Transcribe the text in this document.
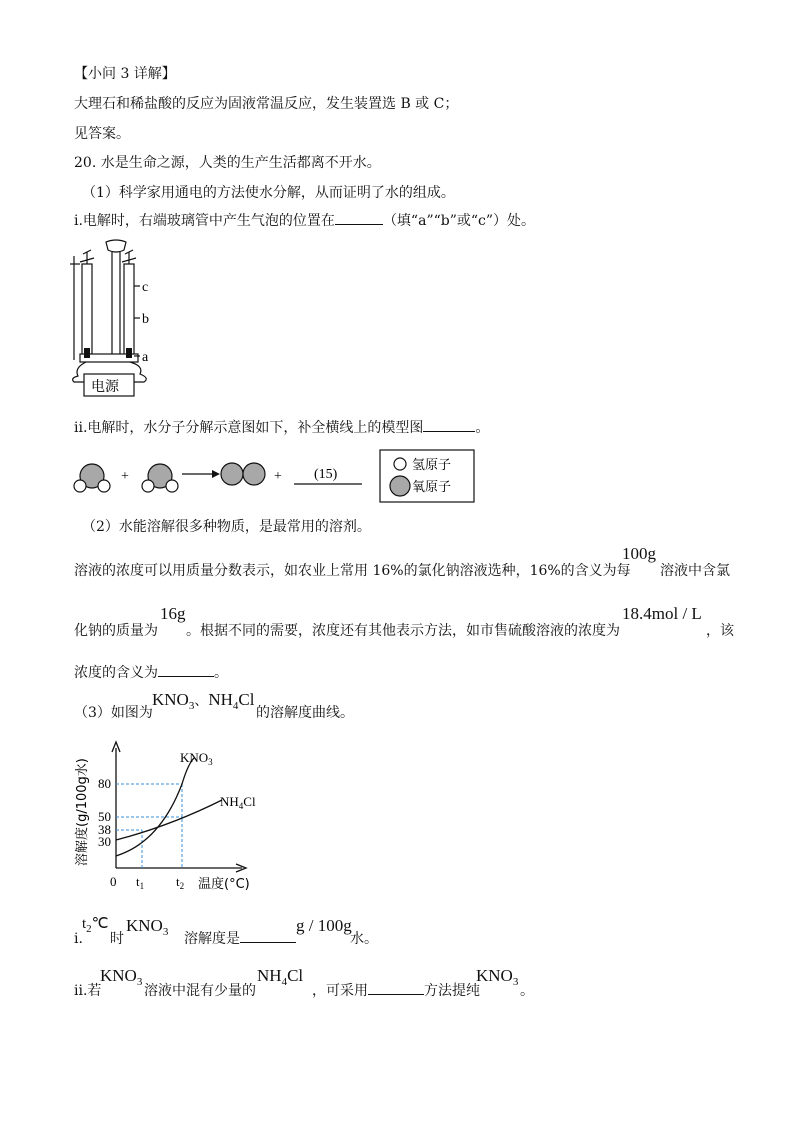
【小问 3 详解】
大理石和稀盐酸的反应为固液常温反应，发生装置选 B 或 C；
见答案。
20. 水是生命之源，人类的生产生活都离不开水。
（1）科学家用通电的方法使水分解，从而证明了水的组成。
i.电解时，右端玻璃管中产生气泡的位置在	（填“a”“b”或“c”）处。
c
b
a
电源
ii.电解时，水分子分解示意图如下，补全横线上的模型图	。
+	+ (15)
氢原子
氧原子
（2）水能溶解很多种物质，是最常用的溶剂。
溶液的浓度可以用质量分数表示，如农业上常用 16%的氯化钠溶液选种，16%的含义为每
100g
溶液中含氯
化钠的质量为
16g
。根据不同的需要，浓度还有其他表示方法，如市售硫酸溶液的浓度为
18.4mol / L
，该
浓度的含义为	。
（3）如图为
$KNO_3$、$NH_4Cl$
的溶解度曲线。
溶解度(g/100g水) 80
50
38
30
0 $t_1$ $t_2$ 温度(°C)
$KNO_3$
$NH_4Cl$
i.
$t_2℃$
时
$KNO_3$ 溶解度是
g / 100g
水。
ii.若
$KNO_3$
溶液中混有少量的
$NH_4Cl$
，可采用	方法提纯
$KNO_3$
。
